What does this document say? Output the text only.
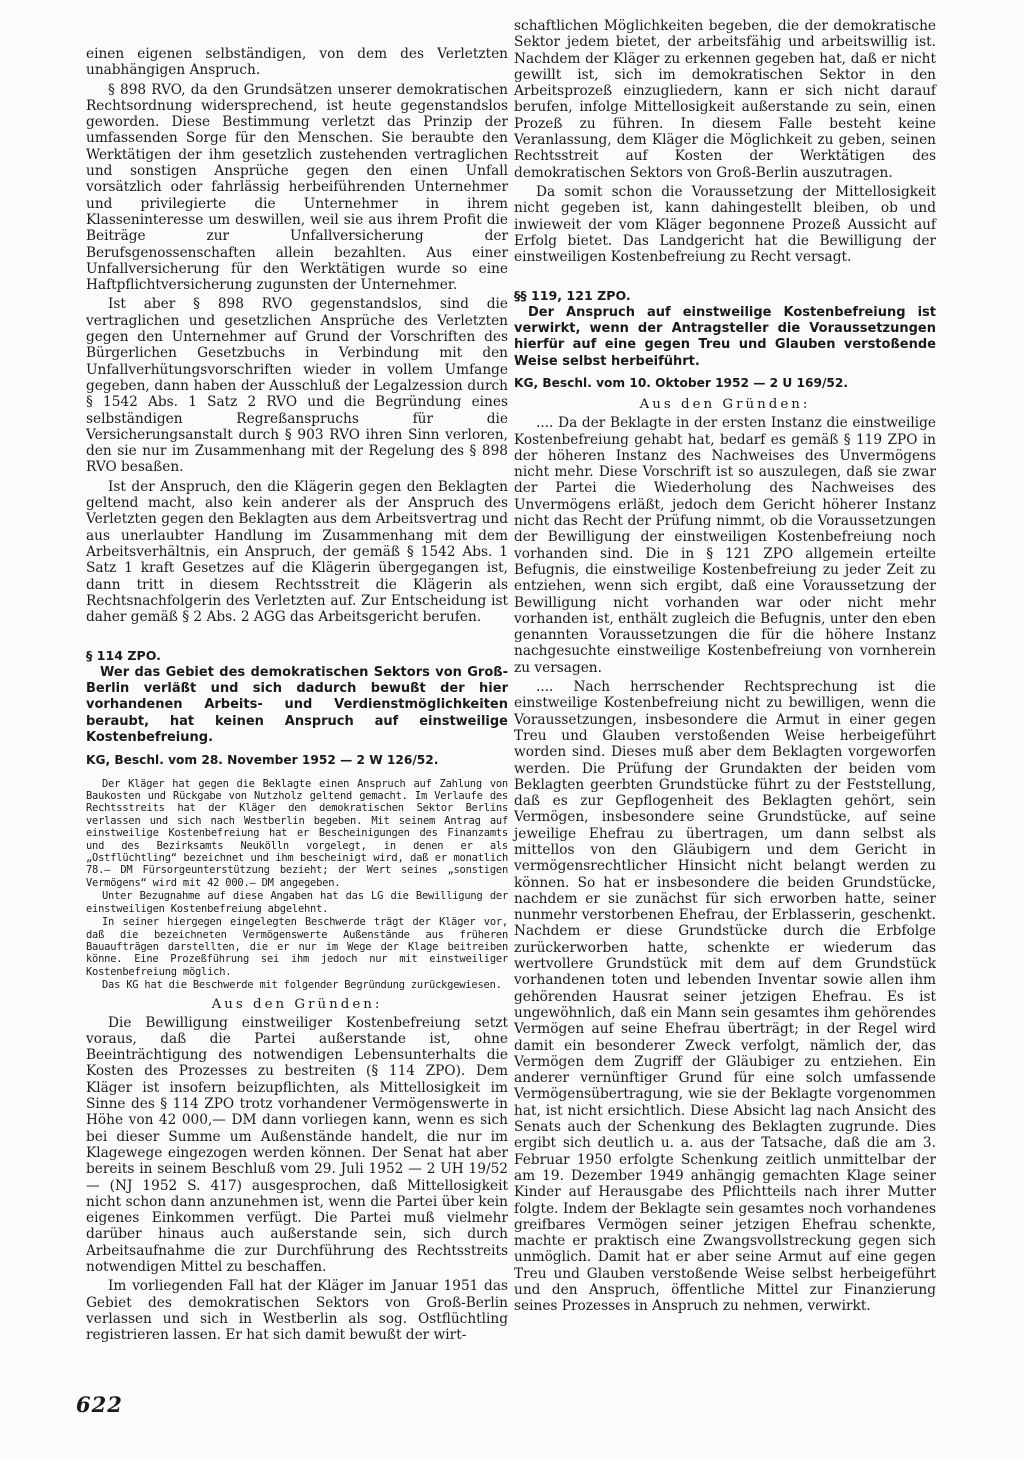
einen eigenen selbständigen, von dem des Verletzten unabhängigen Anspruch.

§ 898 RVO, da den Grundsätzen unserer demokratischen Rechtsordnung widersprechend, ist heute gegenstandslos geworden. Diese Bestimmung verletzt das Prinzip der umfassenden Sorge für den Menschen. Sie beraubte den Werktätigen der ihm gesetzlich zustehenden vertraglichen und sonstigen Ansprüche gegen den einen Unfall vorsätzlich oder fahrlässig herbeiführenden Unternehmer und privilegierte die Unternehmer in ihrem Klasseninteresse um deswillen, weil sie aus ihrem Profit die Beiträge zur Unfallversicherung der Berufsgenossenschaften allein bezahlten. Aus einer Unfallversicherung für den Werktätigen wurde so eine Haftpflichtversicherung zugunsten der Unternehmer.

Ist aber § 898 RVO gegenstandslos, sind die vertraglichen und gesetzlichen Ansprüche des Verletzten gegen den Unternehmer auf Grund der Vorschriften des Bürgerlichen Gesetzbuchs in Verbindung mit den Unfallverhütungsvorschriften wieder in vollem Umfange gegeben, dann haben der Ausschluß der Legalzession durch § 1542 Abs. 1 Satz 2 RVO und die Begründung eines selbständigen Regreßanspruchs für die Versicherungsanstalt durch § 903 RVO ihren Sinn verloren, den sie nur im Zusammenhang mit der Regelung des § 898 RVO besaßen.

Ist der Anspruch, den die Klägerin gegen den Beklagten geltend macht, also kein anderer als der Anspruch des Verletzten gegen den Beklagten aus dem Arbeitsvertrag und aus unerlaubter Handlung im Zusammenhang mit dem Arbeitsverhältnis, ein Anspruch, der gemäß § 1542 Abs. 1 Satz 1 kraft Gesetzes auf die Klägerin übergegangen ist, dann tritt in diesem Rechtsstreit die Klägerin als Rechtsnachfolgerin des Verletzten auf. Zur Entscheidung ist daher gemäß § 2 Abs. 2 AGG das Arbeitsgericht berufen.

§ 114 ZPO.

Wer das Gebiet des demokratischen Sektors von Groß-Berlin verläßt und sich dadurch bewußt der hier vorhandenen Arbeits- und Verdienstmöglichkeiten beraubt, hat keinen Anspruch auf einstweilige Kostenbefreiung.

KG, Beschl. vom 28. November 1952 — 2 W 126/52.

Der Kläger hat gegen die Beklagte einen Anspruch auf Zahlung von Baukosten und Rückgabe von Nutzholz geltend gemacht. Im Verlaufe des Rechtsstreits hat der Kläger den demokratischen Sektor Berlins verlassen und sich nach Westberlin begeben. Mit seinem Antrag auf einstweilige Kostenbefreiung hat er Bescheinigungen des Finanzamts und des Bezirksamts Neukölln vorgelegt, in denen er als „Ostflüchtling“ bezeichnet und ihm bescheinigt wird, daß er monatlich 78.— DM Fürsorgeunterstützung bezieht; der Wert seines „sonstigen Vermögens“ wird mit 42 000.— DM angegeben.

Unter Bezugnahme auf diese Angaben hat das LG die Bewilligung der einstweiligen Kostenbefreiung abgelehnt.

In seiner hiergegen eingelegten Beschwerde trägt der Kläger vor, daß die bezeichneten Vermögenswerte Außenstände aus früheren Bauaufträgen darstellten, die er nur im Wege der Klage beitreiben könne. Eine Prozeßführung sei ihm jedoch nur mit einstweiliger Kostenbefreiung möglich.

Das KG hat die Beschwerde mit folgender Begründung zurückgewiesen.

Aus den Gründen:

Die Bewilligung einstweiliger Kostenbefreiung setzt voraus, daß die Partei außerstande ist, ohne Beeinträchtigung des notwendigen Lebensunterhalts die Kosten des Prozesses zu bestreiten (§ 114 ZPO). Dem Kläger ist insofern beizupflichten, als Mittellosigkeit im Sinne des § 114 ZPO trotz vorhandener Vermögenswerte in Höhe von 42 000,— DM dann vorliegen kann, wenn es sich bei dieser Summe um Außenstände handelt, die nur im Klagewege eingezogen werden können. Der Senat hat aber bereits in seinem Beschluß vom 29. Juli 1952 — 2 UH 19/52 — (NJ 1952 S. 417) ausgesprochen, daß Mittellosigkeit nicht schon dann anzunehmen ist, wenn die Partei über kein eigenes Einkommen verfügt. Die Partei muß vielmehr darüber hinaus auch außerstande sein, sich durch Arbeitsaufnahme die zur Durchführung des Rechtsstreits notwendigen Mittel zu beschaffen.

Im vorliegenden Fall hat der Kläger im Januar 1951 das Gebiet des demokratischen Sektors von Groß-Berlin verlassen und sich in Westberlin als sog. Ostflüchtling registrieren lassen. Er hat sich damit bewußt der wirt-

schaftlichen Möglichkeiten begeben, die der demokratische Sektor jedem bietet, der arbeitsfähig und arbeitswillig ist. Nachdem der Kläger zu erkennen gegeben hat, daß er nicht gewillt ist, sich im demokratischen Sektor in den Arbeitsprozeß einzugliedern, kann er sich nicht darauf berufen, infolge Mittellosigkeit außerstande zu sein, einen Prozeß zu führen. In diesem Falle besteht keine Veranlassung, dem Kläger die Möglichkeit zu geben, seinen Rechtsstreit auf Kosten der Werktätigen des demokratischen Sektors von Groß-Berlin auszutragen.

Da somit schon die Voraussetzung der Mittellosigkeit nicht gegeben ist, kann dahingestellt bleiben, ob und inwieweit der vom Kläger begonnene Prozeß Aussicht auf Erfolg bietet. Das Landgericht hat die Bewilligung der einstweiligen Kostenbefreiung zu Recht versagt.

§§ 119, 121 ZPO.

Der Anspruch auf einstweilige Kostenbefreiung ist verwirkt, wenn der Antragsteller die Voraussetzungen hierfür auf eine gegen Treu und Glauben verstoßende Weise selbst herbeiführt.

KG, Beschl. vom 10. Oktober 1952 — 2 U 169/52.

Aus den Gründen:

.... Da der Beklagte in der ersten Instanz die einstweilige Kostenbefreiung gehabt hat, bedarf es gemäß § 119 ZPO in der höheren Instanz des Nachweises des Unvermögens nicht mehr. Diese Vorschrift ist so auszulegen, daß sie zwar der Partei die Wiederholung des Nachweises des Unvermögens erläßt, jedoch dem Gericht höherer Instanz nicht das Recht der Prüfung nimmt, ob die Voraussetzungen der Bewilligung der einstweiligen Kostenbefreiung noch vorhanden sind. Die in § 121 ZPO allgemein erteilte Befugnis, die einstweilige Kostenbefreiung zu jeder Zeit zu entziehen, wenn sich ergibt, daß eine Voraussetzung der Bewilligung nicht vorhanden war oder nicht mehr vorhanden ist, enthält zugleich die Befugnis, unter den eben genannten Voraussetzungen die für die höhere Instanz nachgesuchte einstweilige Kostenbefreiung von vornherein zu versagen.

.... Nach herrschender Rechtsprechung ist die einstweilige Kostenbefreiung nicht zu bewilligen, wenn die Voraussetzungen, insbesondere die Armut in einer gegen Treu und Glauben verstoßenden Weise herbeigeführt worden sind. Dieses muß aber dem Beklagten vorgeworfen werden. Die Prüfung der Grundakten der beiden vom Beklagten geerbten Grundstücke führt zu der Feststellung, daß es zur Gepflogenheit des Beklagten gehört, sein Vermögen, insbesondere seine Grundstücke, auf seine jeweilige Ehefrau zu übertragen, um dann selbst als mittellos von den Gläubigern und dem Gericht in vermögensrechtlicher Hinsicht nicht belangt werden zu können. So hat er insbesondere die beiden Grundstücke, nachdem er sie zunächst für sich erworben hatte, seiner nunmehr verstorbenen Ehefrau, der Erblasserin, geschenkt. Nachdem er diese Grundstücke durch die Erbfolge zurückerworben hatte, schenkte er wiederum das wertvollere Grundstück mit dem auf dem Grundstück vorhandenen toten und lebenden Inventar sowie allen ihm gehörenden Hausrat seiner jetzigen Ehefrau. Es ist ungewöhnlich, daß ein Mann sein gesamtes ihm gehörendes Vermögen auf seine Ehefrau überträgt; in der Regel wird damit ein besonderer Zweck verfolgt, nämlich der, das Vermögen dem Zugriff der Gläubiger zu entziehen. Ein anderer vernünftiger Grund für eine solch umfassende Vermögensübertragung, wie sie der Beklagte vorgenommen hat, ist nicht ersichtlich. Diese Absicht lag nach Ansicht des Senats auch der Schenkung des Beklagten zugrunde. Dies ergibt sich deutlich u. a. aus der Tatsache, daß die am 3. Februar 1950 erfolgte Schenkung zeitlich unmittelbar der am 19. Dezember 1949 anhängig gemachten Klage seiner Kinder auf Herausgabe des Pflichtteils nach ihrer Mutter folgte. Indem der Beklagte sein gesamtes noch vorhandenes greifbares Vermögen seiner jetzigen Ehefrau schenkte, machte er praktisch eine Zwangsvollstreckung gegen sich unmöglich. Damit hat er aber seine Armut auf eine gegen Treu und Glauben verstoßende Weise selbst herbeigeführt und den Anspruch, öffentliche Mittel zur Finanzierung seines Prozesses in Anspruch zu nehmen, verwirkt.

622
